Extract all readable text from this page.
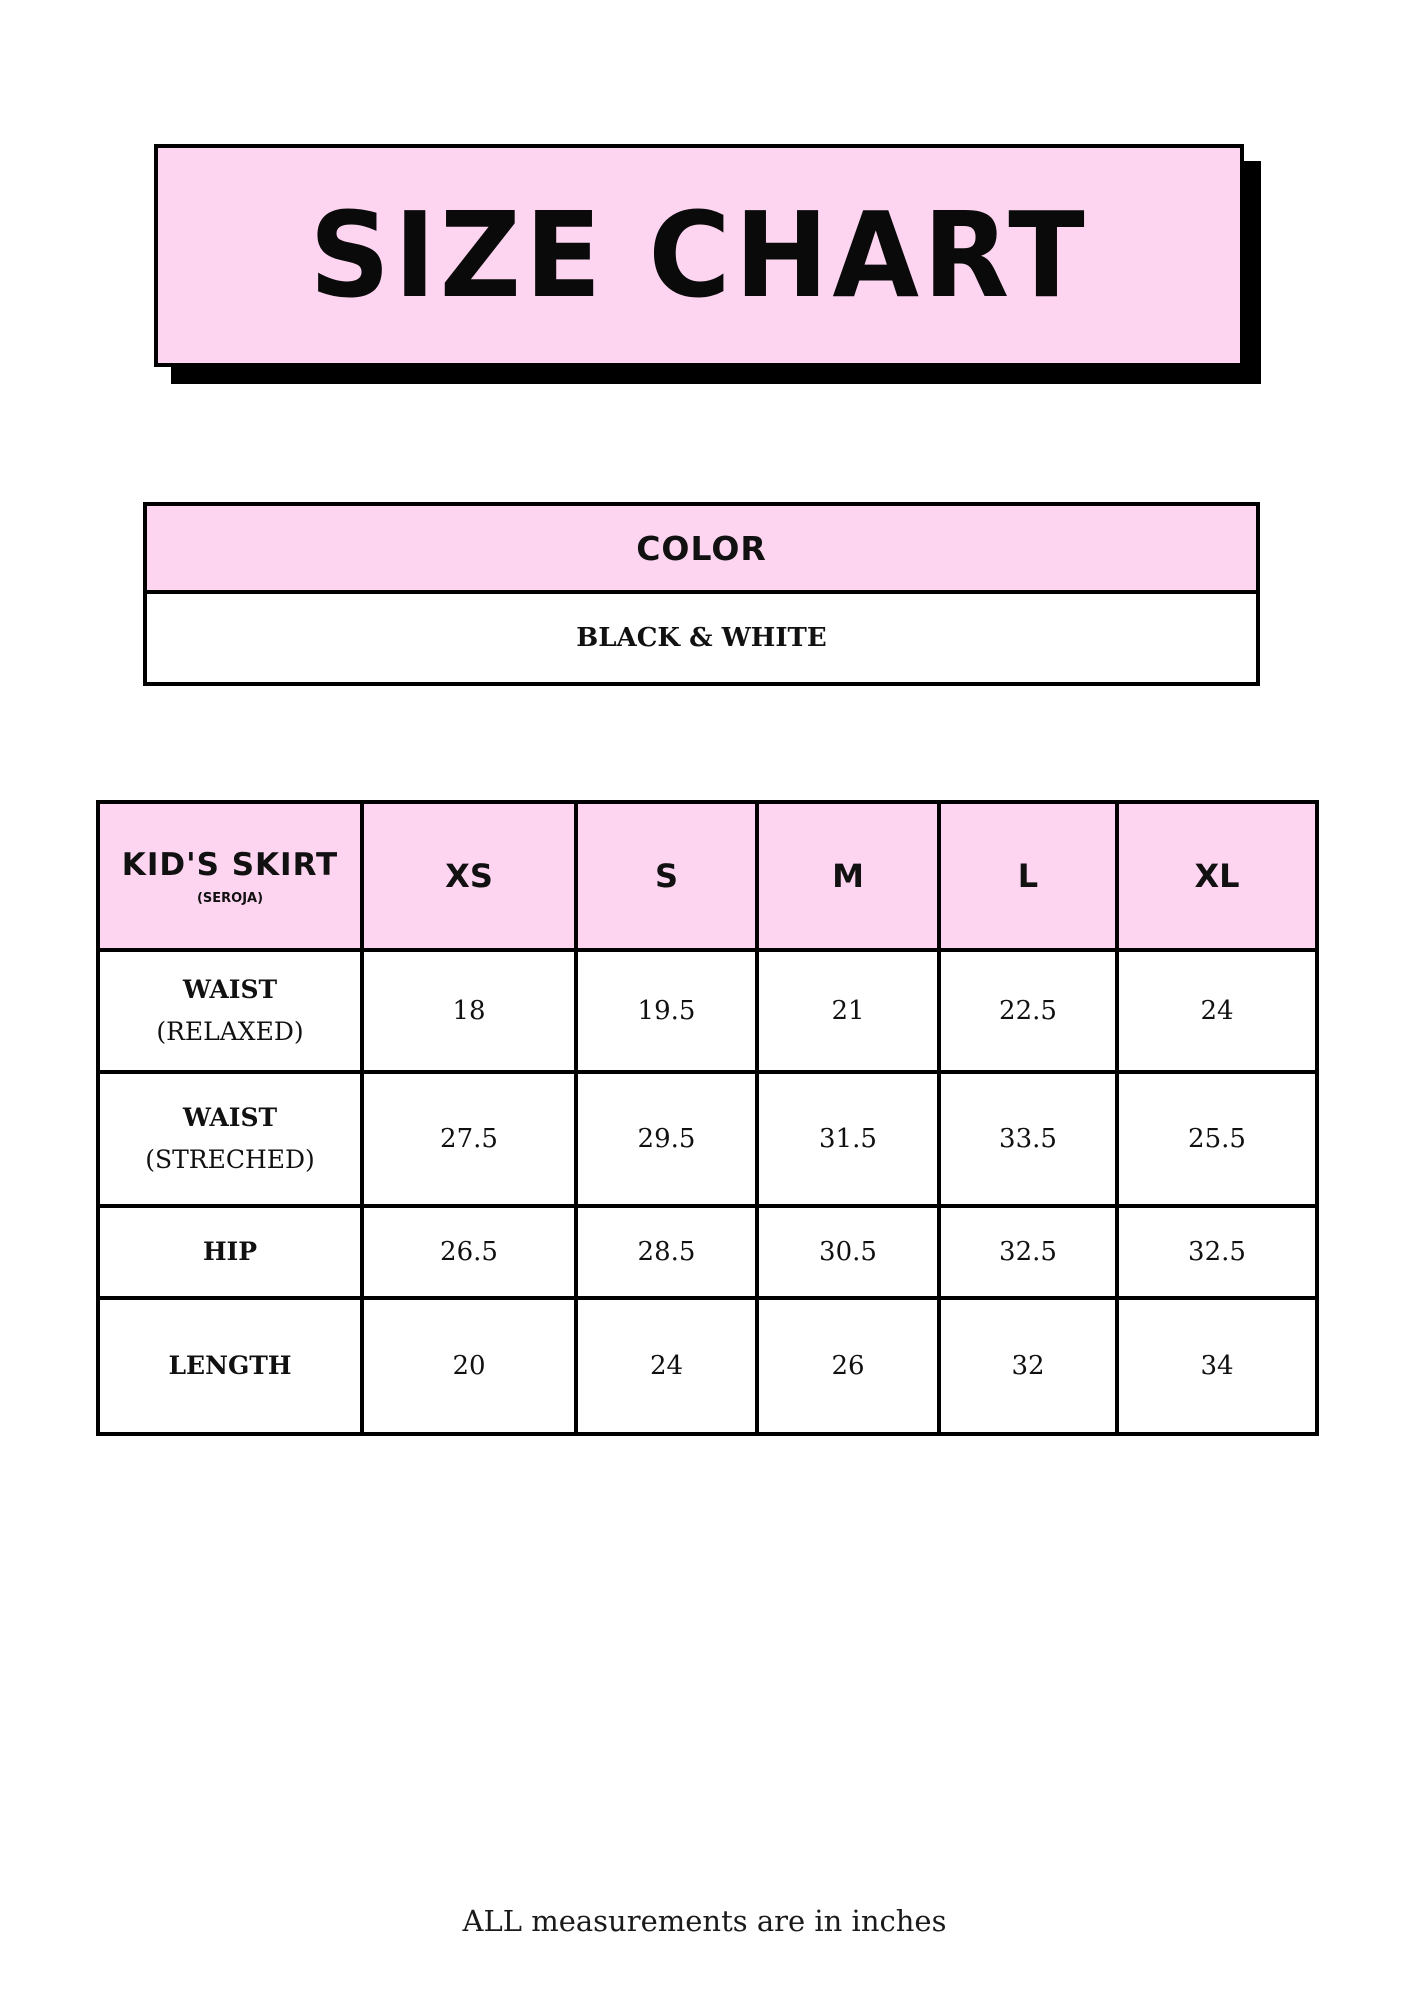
SIZE CHART
COLOR
BLACK & WHITE
KID'S SKIRT
(SEROJA)	XS	S	M	L	XL

WAIST
(RELAXED)	18	19.5	21	22.5	24

WAIST
(STRECHED)	27.5	29.5	31.5	33.5	25.5
HIP	26.5	28.5	30.5	32.5	32.5
LENGTH	20	24	26	32	34
ALL measurements are in inches
